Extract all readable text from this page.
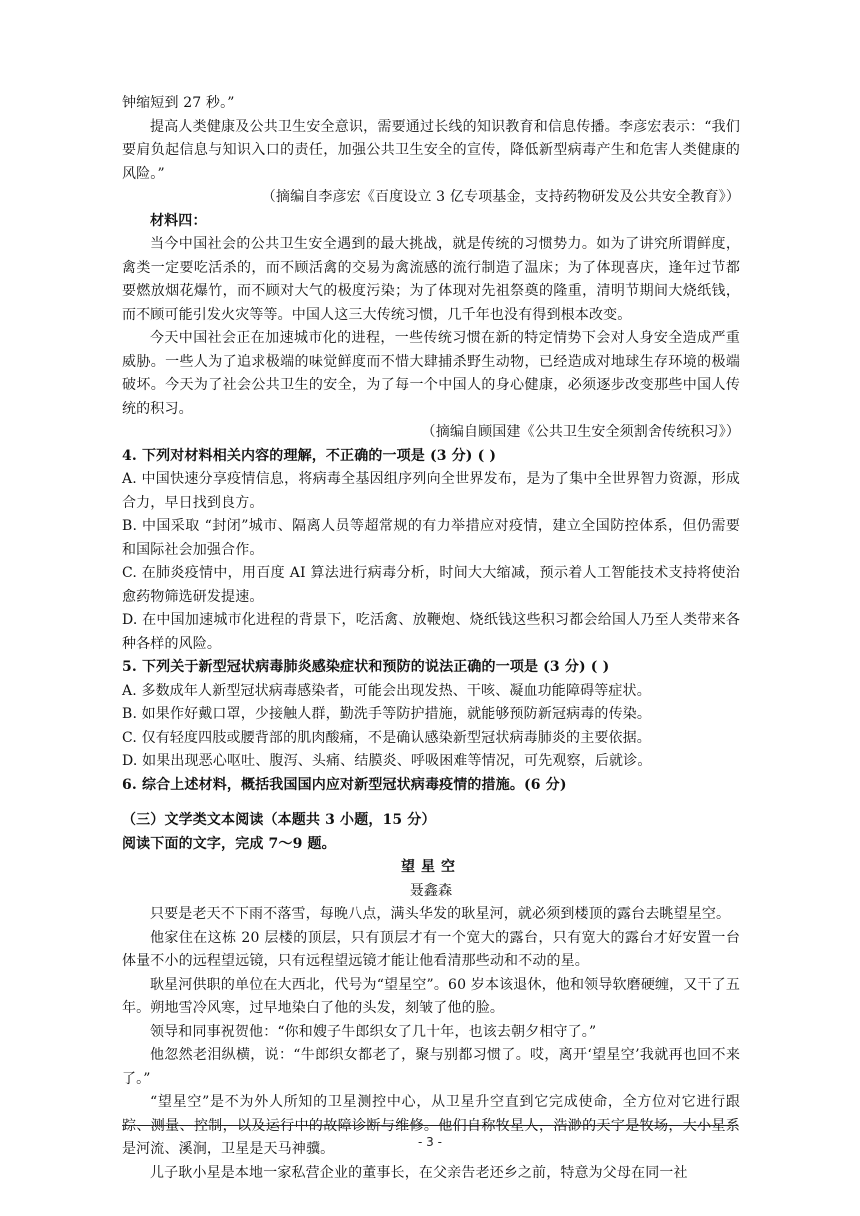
钟缩短到 27 秒。”

提高人类健康及公共卫生安全意识，需要通过长线的知识教育和信息传播。李彦宏表示：“我们要肩负起信息与知识入口的责任，加强公共卫生安全的宣传，降低新型病毒产生和危害人类健康的风险。”

（摘编自李彦宏《百度设立 3 亿专项基金，支持药物研发及公共安全教育》）

材料四：

当今中国社会的公共卫生安全遇到的最大挑战，就是传统的习惯势力。如为了讲究所谓鲜度，禽类一定要吃活杀的，而不顾活禽的交易为禽流感的流行制造了温床；为了体现喜庆，逢年过节都要燃放烟花爆竹，而不顾对大气的极度污染；为了体现对先祖祭奠的隆重，清明节期间大烧纸钱，而不顾可能引发火灾等等。中国人这三大传统习惯，几千年也没有得到根本改变。

今天中国社会正在加速城市化的进程，一些传统习惯在新的特定情势下会对人身安全造成严重威胁。一些人为了追求极端的味觉鲜度而不惜大肆捕杀野生动物，已经造成对地球生存环境的极端破坏。今天为了社会公共卫生的安全，为了每一个中国人的身心健康，必须逐步改变那些中国人传统的积习。

（摘编自顾国建《公共卫生安全须割舍传统积习》）

4. 下列对材料相关内容的理解，不正确的一项是 (3 分) ( )

A. 中国快速分享疫情信息，将病毒全基因组序列向全世界发布，是为了集中全世界智力资源，形成合力，早日找到良方。

B. 中国采取 “封闭”城市、隔离人员等超常规的有力举措应对疫情，建立全国防控体系，但仍需要和国际社会加强合作。

C. 在肺炎疫情中，用百度 AI 算法进行病毒分析，时间大大缩减，预示着人工智能技术支持将使治愈药物筛选研发提速。

D. 在中国加速城市化进程的背景下，吃活禽、放鞭炮、烧纸钱这些积习都会给国人乃至人类带来各种各样的风险。

5. 下列关于新型冠状病毒肺炎感染症状和预防的说法正确的一项是 (3 分) ( )

A. 多数成年人新型冠状病毒感染者，可能会出现发热、干咳、凝血功能障碍等症状。

B. 如果作好戴口罩，少接触人群，勤洗手等防护措施，就能够预防新冠病毒的传染。

C. 仅有轻度四肢或腰背部的肌肉酸痛，不是确认感染新型冠状病毒肺炎的主要依据。

D. 如果出现恶心呕吐、腹泻、头痛、结膜炎、呼吸困难等情况，可先观察，后就诊。

6. 综合上述材料，概括我国国内应对新型冠状病毒疫情的措施。(6 分)

（三）文学类文本阅读（本题共 3 小题，15 分）

阅读下面的文字，完成 7～9 题。

望星空

聂鑫森

只要是老天不下雨不落雪，每晚八点，满头华发的耿星河，就必须到楼顶的露台去眺望星空。

他家住在这栋 20 层楼的顶层，只有顶层才有一个宽大的露台，只有宽大的露台才好安置一台体量不小的远程望远镜，只有远程望远镜才能让他看清那些动和不动的星。

耿星河供职的单位在大西北，代号为“望星空”。60 岁本该退休，他和领导软磨硬缠，又干了五年。朔地雪冷风寒，过早地染白了他的头发，刻皱了他的脸。

领导和同事祝贺他：“你和嫂子牛郎织女了几十年，也该去朝夕相守了。”

他忽然老泪纵横，说：“牛郎织女都老了，聚与别都习惯了。哎，离开‘望星空’我就再也回不来了。”

“望星空”是不为外人所知的卫星测控中心，从卫星升空直到它完成使命，全方位对它进行跟踪、测量、控制，以及运行中的故障诊断与维修。他们自称牧星人，浩渺的天宇是牧场，大小星系是河流、溪涧，卫星是天马神骥。

儿子耿小星是本地一家私营企业的董事长，在父亲告老还乡之前，特意为父母在同一社

- 3 -
